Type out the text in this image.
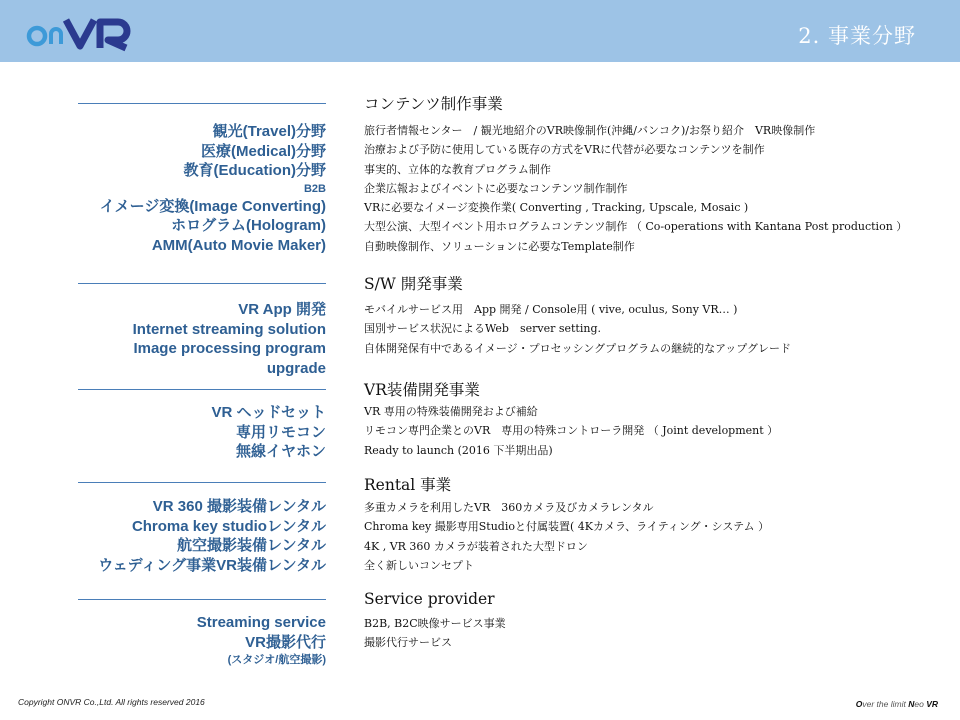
2. 事業分野
コンテンツ制作事業
観光(Travel)分野
医療(Medical)分野
教育(Education)分野
B2B
イメージ変換(Image Converting)
ホログラム(Hologram)
AMM(Auto Movie Maker)
旅行者情報センター　/ 観光地紹介のVR映像制作(沖縄/バンコク)/お祭り紹介　VR映像制作
治療および予防に使用している既存の方式をVRに代替が必要なコンテンツを制作
事実的、立体的な教育プログラム制作
企業広報およびイベントに必要なコンテンツ制作制作
VRに必要なイメージ変換作業( Converting , Tracking, Upscale, Mosaic )
大型公演、大型イベント用ホログラムコンテンツ制作 （ Co-operations with Kantana Post production ）
自動映像制作、ソリューションに必要なTemplate制作
S/W 開発事業
VR App 開発
Internet streaming solution
Image processing program
upgrade
モバイルサービス用　App 開発 / Console用 ( vive, oculus, Sony VR… )
国別サービス状況によるWeb　server setting.
自体開発保有中であるイメージ・プロセッシングプログラムの継続的なアップグレード
VR装備開発事業
VR ヘッドセット
専用リモコン
無線イヤホン
VR 専用の特殊装備開発および補給
リモコン専門企業とのVR　専用の特殊コントローラ開発 （ Joint development ）
Ready to launch (2016 下半期出品)
Rental 事業
VR 360 撮影装備レンタル
Chroma key studioレンタル
航空撮影装備レンタル
ウェディング事業VR装備レンタル
多重カメラを利用したVR　360カメラ及びカメラレンタル
Chroma key 撮影専用Studioと付属装置( 4Kカメラ、ライティング・システム ）
4K , VR 360 カメラが装着された大型ドロン
全く新しいコンセプト
Service provider
Streaming service
VR撮影代行
(スタジオ/航空撮影)
B2B, B2C映像サービス事業
撮影代行サービス
Copyright ONVR Co.,Ltd. All rights reserved 2016	Over the limit Neo VR
